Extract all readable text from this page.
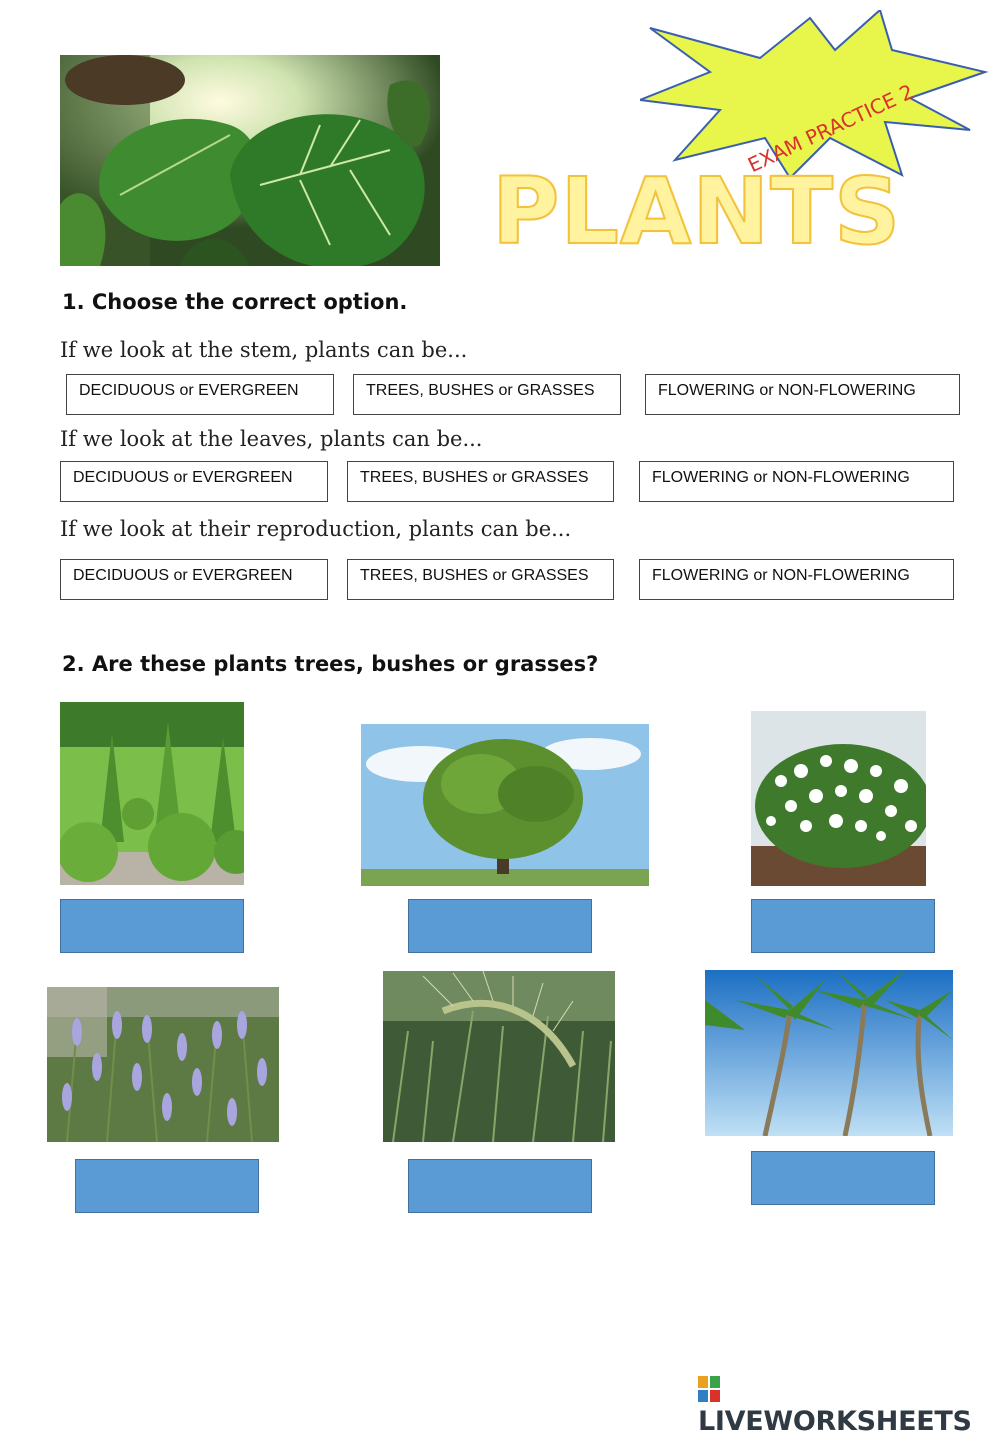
EXAM PRACTICE 2
PLANTS
1. Choose the correct option.
If we look at the stem, plants can be...
DECIDUOUS or EVERGREEN	TREES, BUSHES or GRASSES	FLOWERING or NON-FLOWERING
If we look at the leaves, plants can be...
DECIDUOUS or EVERGREEN	TREES, BUSHES or GRASSES	FLOWERING or NON-FLOWERING
If we look at their reproduction, plants can be...
DECIDUOUS or EVERGREEN	TREES, BUSHES or GRASSES	FLOWERING or NON-FLOWERING
2. Are these plants trees, bushes or grasses?
LIVEWORKSHEETS
